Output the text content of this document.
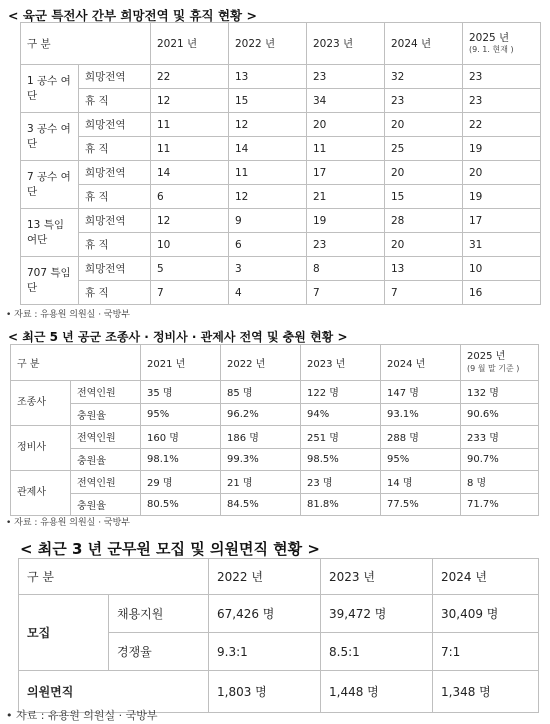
< 육군 특전사 간부 희망전역 및 휴직 현황 >
구 분		2021 년	2022 년	2023 년	2024 년	2025 년
(9. 1. 현재 )

1 공수 여단	희망전역	22	13	23	32	23
	휴 직	12	15	34	23	23
3 공수 여단	희망전역	11	12	20	20	22
	휴 직	11	14	11	25	19
7 공수 여단	희망전역	14	11	17	20	20
	휴 직	6	12	21	15	19
13 특임 여단	희망전역	12	9	19	28	17
	휴 직	10	6	23	20	31
707 특임단	희망전역	5	3	8	13	10
	휴 직	7	4	7	7	16
• 자료 : 유용원 의원실 · 국방부
< 최근 5 년 공군 조종사 · 정비사 · 관제사 전역 및 충원 현황 >
구 분		2021 년	2022 년	2023 년	2024 년	2025 년
(9 월 말 기준 )

조종사	전역인원	35 명	85 명	122 명	147 명	132 명
	충원율	95%	96.2%	94%	93.1%	90.6%
정비사	전역인원	160 명	186 명	251 명	288 명	233 명
	충원율	98.1%	99.3%	98.5%	95%	90.7%
관제사	전역인원	29 명	21 명	23 명	14 명	8 명
	충원율	80.5%	84.5%	81.8%	77.5%	71.7%
• 자료 : 유용원 의원실 · 국방부
< 최근 3 년 군무원 모집 및 의원면직 현황 >
구 분		2022 년	2023 년	2024 년
모집	채용지원	67,426 명	39,472 명	30,409 명
	경쟁율	9.3:1	8.5:1	7:1
의원면직		1,803 명	1,448 명	1,348 명
• 자료 : 유용원 의원실 · 국방부
